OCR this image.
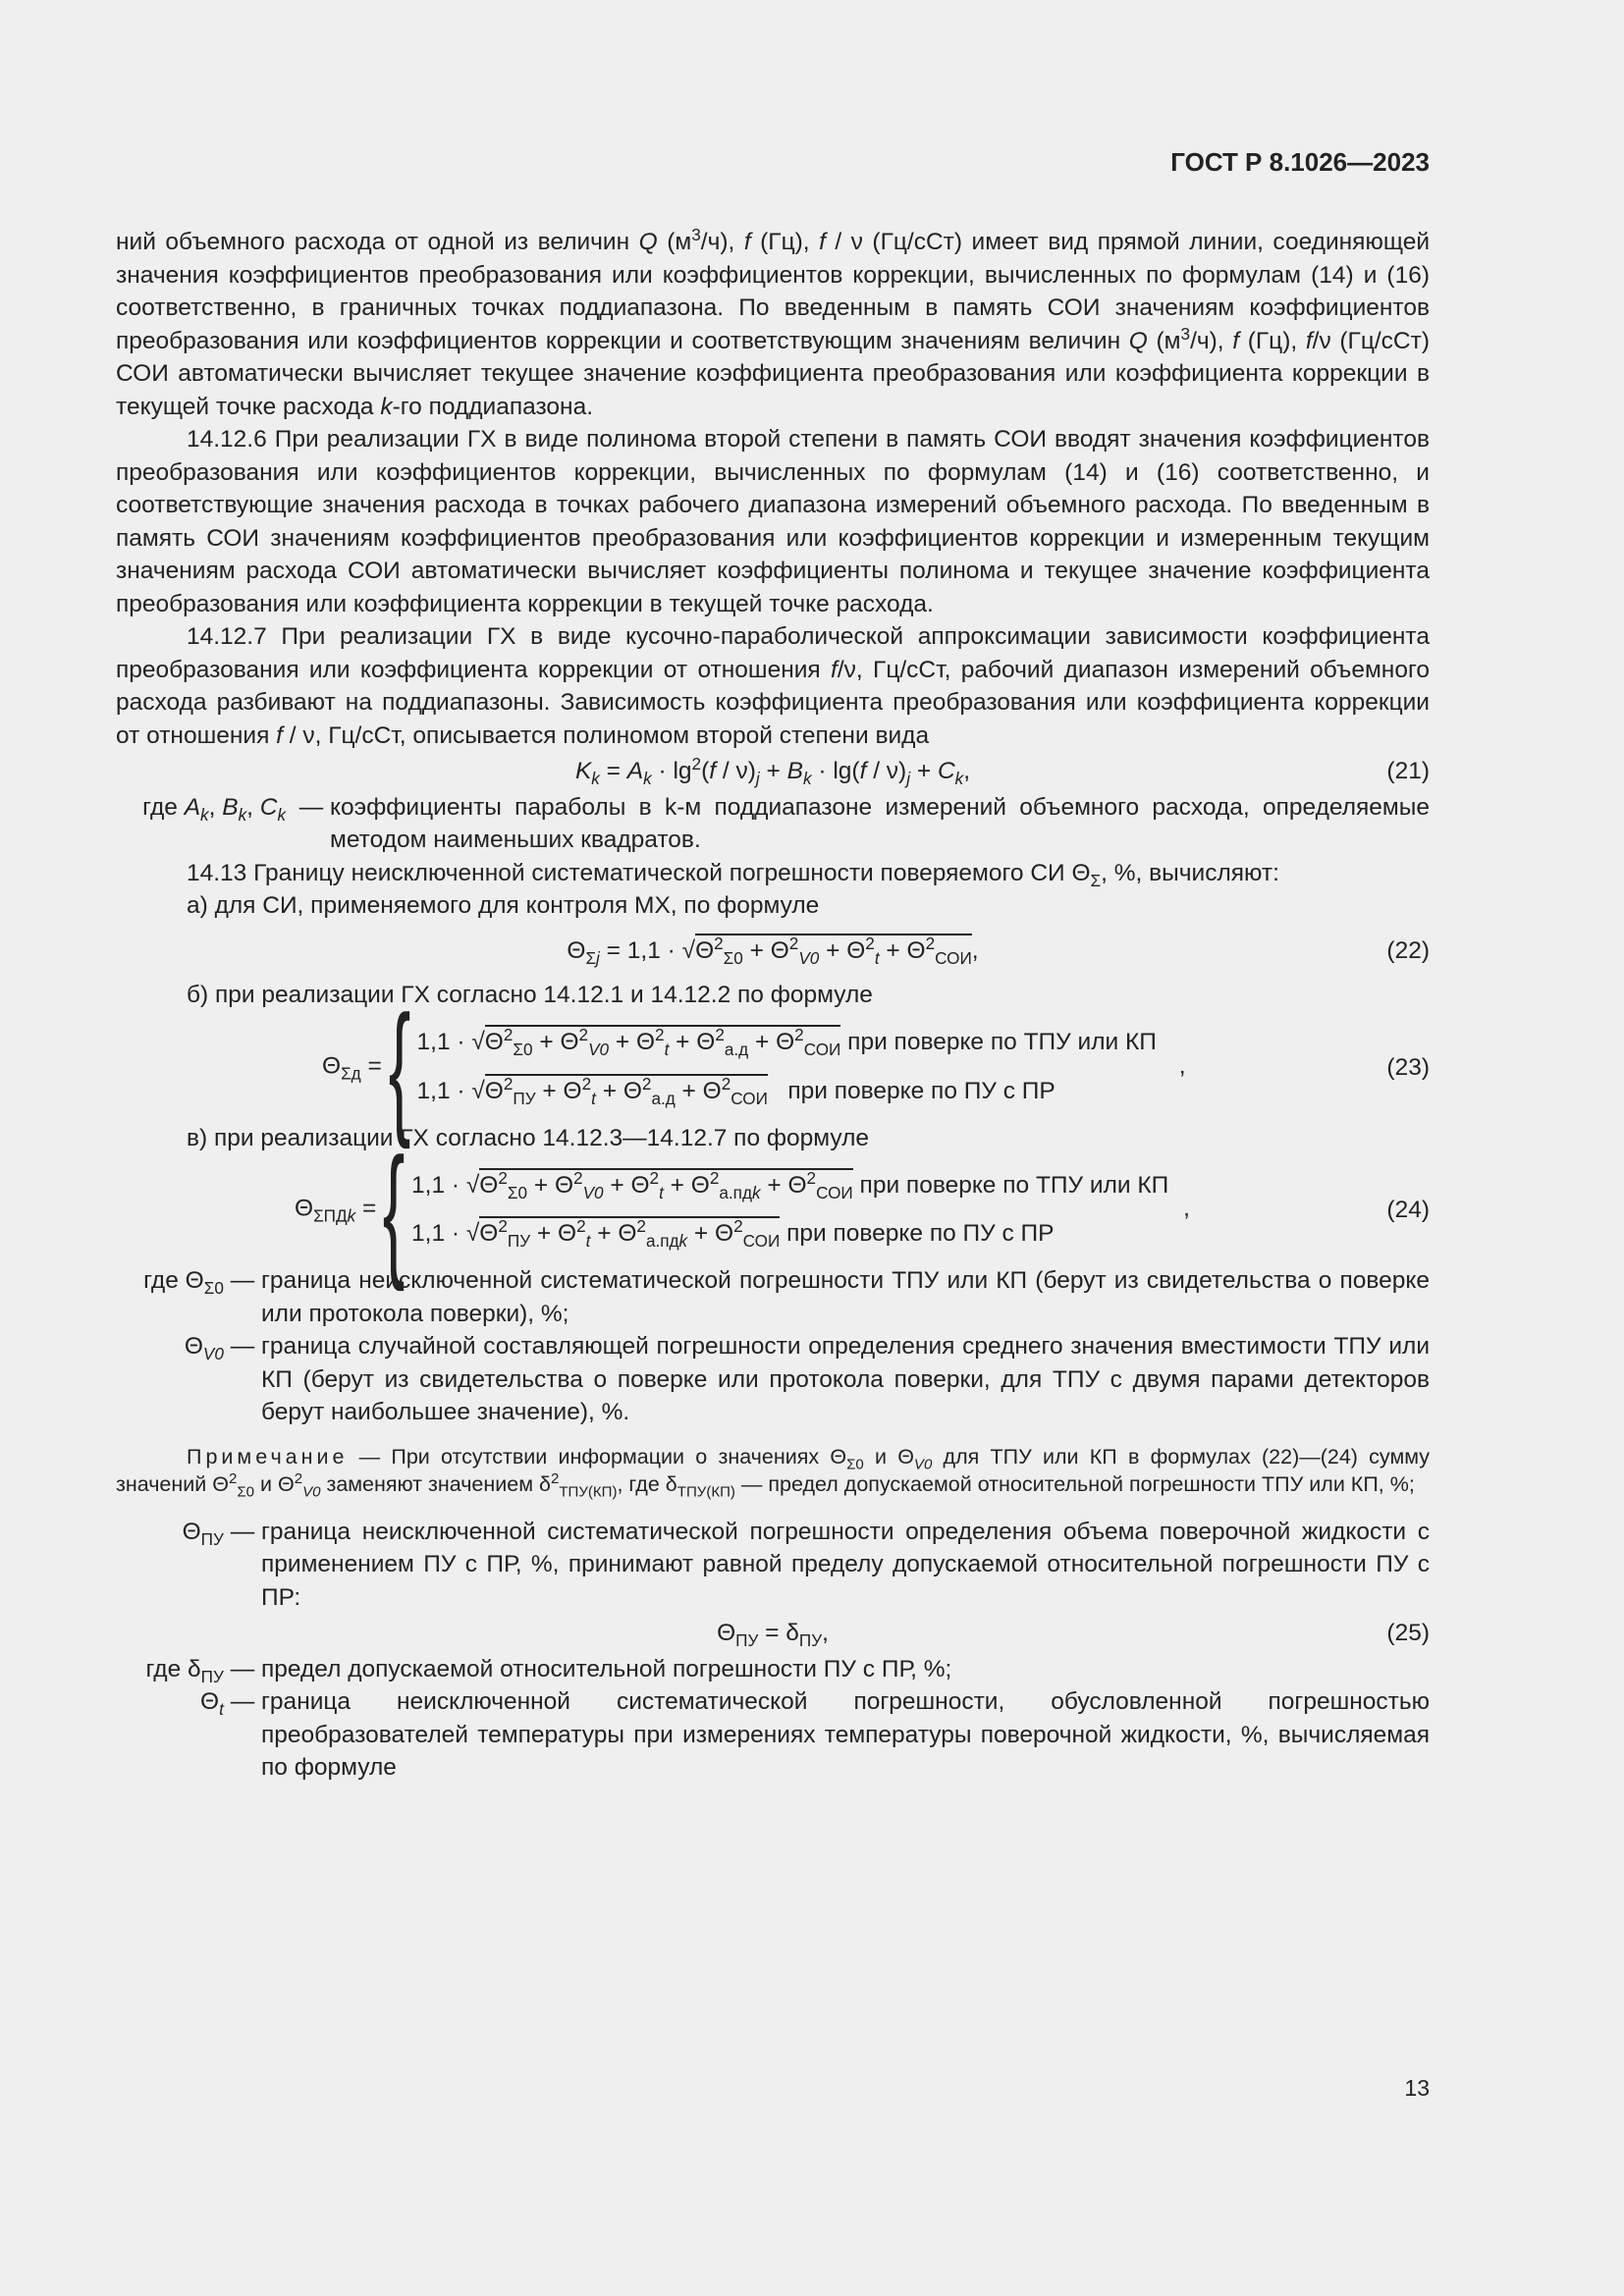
ГОСТ Р 8.1026—2023

ний объемного расхода от одной из величин Q $(м^3/ч)$, f (Гц), f / ν (Гц/сСт) имеет вид прямой линии, соединяющей значения коэффициентов преобразования или коэффициентов коррекции, вычисленных по формулам (14) и (16) соответственно, в граничных точках поддиапазона. По введенным в память СОИ значениям коэффициентов преобразования или коэффициентов коррекции и соответствующим значениям величин Q $(м^3/ч)$, f (Гц), f/ν (Гц/сСт) СОИ автоматически вычисляет текущее значение коэффициента преобразования или коэффициента коррекции в текущей точке расхода k-го поддиапазона.

14.12.6 При реализации ГХ в виде полинома второй степени в память СОИ вводят значения коэффициентов преобразования или коэффициентов коррекции, вычисленных по формулам (14) и (16) соответственно, и соответствующие значения расхода в точках рабочего диапазона измерений объемного расхода. По введенным в память СОИ значениям коэффициентов преобразования или коэффициентов коррекции и измеренным текущим значениям расхода СОИ автоматически вычисляет коэффициенты полинома и текущее значение коэффициента преобразования или коэффициента коррекции в текущей точке расхода.

14.12.7 При реализации ГХ в виде кусочно-параболической аппроксимации зависимости коэффициента преобразования или коэффициента коррекции от отношения f/ν, Гц/сСт, рабочий диапазон измерений объемного расхода разбивают на поддиапазоны. Зависимость коэффициента преобразования или коэффициента коррекции от отношения f / ν, Гц/сСт, описывается полиномом второй степени вида

$K_k = A_k \cdot \lg^2(f / \nu)_j + B_k \cdot \lg(f / \nu)_j + C_k$,	(21)
где $A_k$, $B_k$, $C_k$ — коэффициенты параболы в k-м поддиапазоне измерений объемного расхода, определяемые методом наименьших квадратов.

14.13 Границу неисключенной систематической погрешности поверяемого СИ $\Theta_\Sigma$, %, вычисляют:

а) для СИ, применяемого для контроля МХ, по формуле

$\Theta_{\Sigma j} = 1,1 \cdot √\Theta^2_{\Sigma 0} + \Theta^2_{V0} + \Theta^2_t + \Theta^2_{СОИ}$,	(22)

б) при реализации ГХ согласно 14.12.1 и 14.12.2 по формуле

$\Theta_{\Sigma д}$ = { $1,1 \cdot √\Theta^2_{\Sigma 0} + \Theta^2_{V0} + \Theta^2_t + \Theta^2_{а.д} + \Theta^2_{СОИ}$ при поверке по ТПУ или КП
$1,1 \cdot √\Theta^2_{ПУ} + \Theta^2_t + \Theta^2_{а.д} + \Theta^2_{СОИ}$ при поверке по ПУ с ПР
,	(23)

в) при реализации ГХ согласно 14.12.3—14.12.7 по формуле

$\Theta_{\Sigma ПДk}$ = { $1,1 \cdot √\Theta^2_{\Sigma 0} + \Theta^2_{V0} + \Theta^2_t + \Theta^2_{а.пдk} + \Theta^2_{СОИ}$ при поверке по ТПУ или КП
$1,1 \cdot √\Theta^2_{ПУ} + \Theta^2_t + \Theta^2_{а.пдk} + \Theta^2_{СОИ}$ при поверке по ПУ с ПР
,	(24)
где $\Theta_{\Sigma 0}$ — граница неисключенной систематической погрешности ТПУ или КП (берут из свидетельства о поверке или протокола поверки), %;
$\Theta_{V0}$ — граница случайной составляющей погрешности определения среднего значения вместимости ТПУ или КП (берут из свидетельства о поверке или протокола поверки, для ТПУ с двумя парами детекторов берут наибольшее значение), %.

Примечание — При отсутствии информации о значениях $\Theta_{\Sigma 0}$ и $\Theta_{V0}$ для ТПУ или КП в формулах (22)—(24) сумму значений $\Theta^2_{\Sigma 0}$ и $\Theta^2_{V0}$ заменяют значением $\delta^2_{ТПУ(КП)}$, где $\delta_{ТПУ(КП)}$ — предел допускаемой относительной погрешности ТПУ или КП, %;

$\Theta_{ПУ}$ — граница неисключенной систематической погрешности определения объема поверочной жидкости с применением ПУ с ПР, %, принимают равной пределу допускаемой относительной погрешности ПУ с ПР:
$\Theta_{ПУ} = \delta_{ПУ}$,	(25)
где $\delta_{ПУ}$ — предел допускаемой относительной погрешности ПУ с ПР, %;
$\Theta_t$ — граница неисключенной систематической погрешности, обусловленной погрешностью преобразователей температуры при измерениях температуры поверочной жидкости, %, вычисляемая по формуле
13
